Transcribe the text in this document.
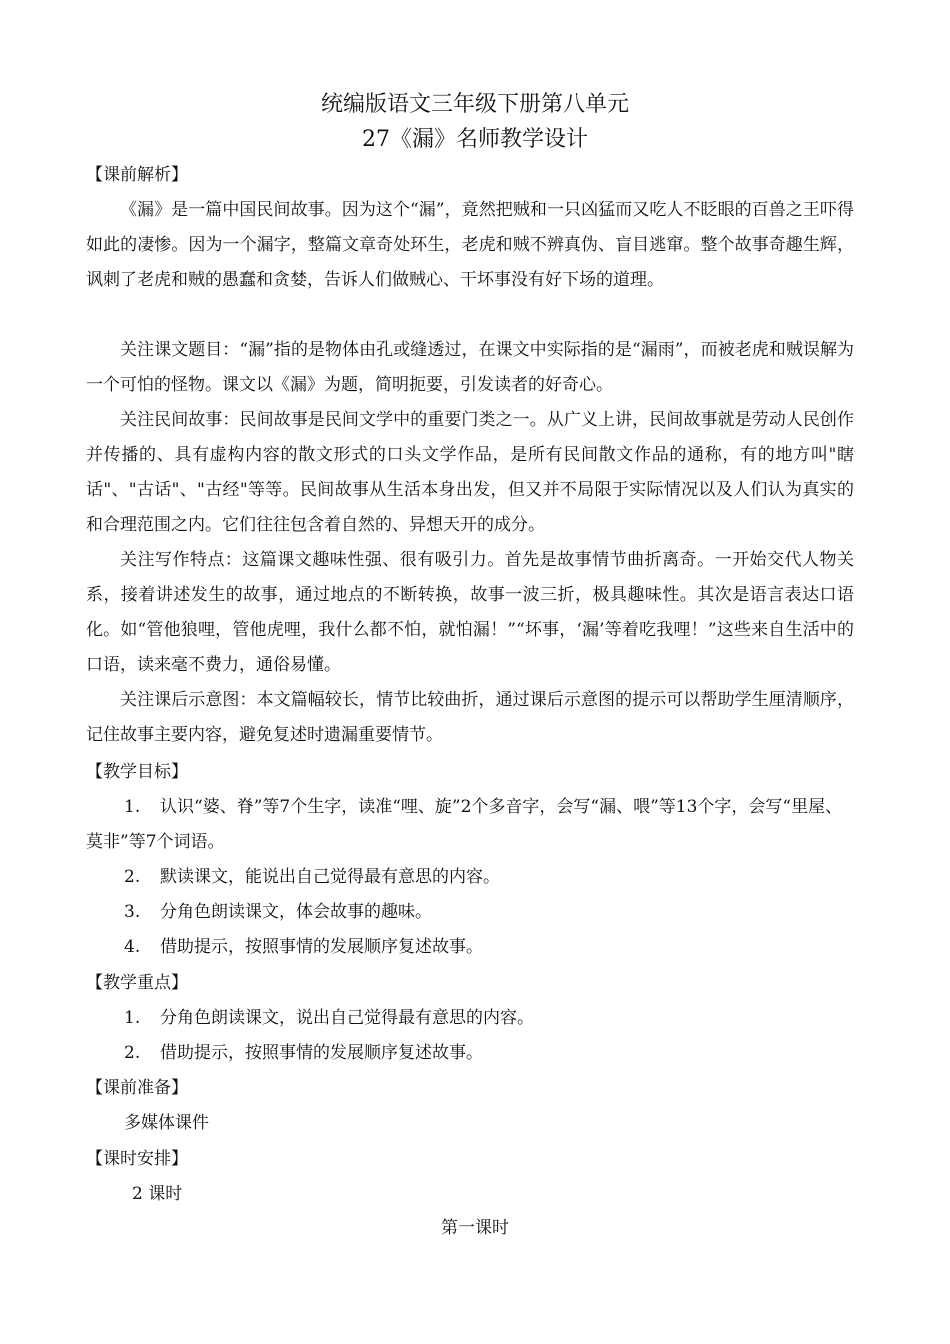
统编版语文三年级下册第八单元
27《漏》名师教学设计
【课前解析】
《漏》是一篇中国民间故事。因为这个“漏”，竟然把贼和一只凶猛而又吃人不眨眼的百兽之王吓得如此的凄惨。因为一个漏字，整篇文章奇处环生，老虎和贼不辨真伪、盲目逃窜。整个故事奇趣生辉，讽刺了老虎和贼的愚蠢和贪婪，告诉人们做贼心、干坏事没有好下场的道理。
关注课文题目：“漏”指的是物体由孔或缝透过，在课文中实际指的是“漏雨”，而被老虎和贼误解为一个可怕的怪物。课文以《漏》为题，简明扼要，引发读者的好奇心。
关注民间故事：民间故事是民间文学中的重要门类之一。从广义上讲，民间故事就是劳动人民创作并传播的、具有虚构内容的散文形式的口头文学作品，是所有民间散文作品的通称，有的地方叫"瞎话"、"古话"、"古经"等等。民间故事从生活本身出发，但又并不局限于实际情况以及人们认为真实的和合理范围之内。它们往往包含着自然的、异想天开的成分。
关注写作特点：这篇课文趣味性强、很有吸引力。首先是故事情节曲折离奇。一开始交代人物关系，接着讲述发生的故事，通过地点的不断转换，故事一波三折，极具趣味性。其次是语言表达口语化。如“管他狼哩，管他虎哩，我什么都不怕，就怕漏！”“坏事，‘漏’等着吃我哩！”这些来自生活中的口语，读来毫不费力，通俗易懂。
关注课后示意图：本文篇幅较长，情节比较曲折，通过课后示意图的提示可以帮助学生厘清顺序，记住故事主要内容，避免复述时遗漏重要情节。
【教学目标】
1. 认识“婆、脊”等7个生字，读准“哩、旋”2个多音字，会写“漏、喂”等13个字，会写“里屋、莫非”等7个词语。
2. 默读课文，能说出自己觉得最有意思的内容。
3. 分角色朗读课文，体会故事的趣味。
4. 借助提示，按照事情的发展顺序复述故事。
【教学重点】
1. 分角色朗读课文，说出自己觉得最有意思的内容。
2. 借助提示，按照事情的发展顺序复述故事。
【课前准备】
多媒体课件
【课时安排】
2 课时
第一课时
